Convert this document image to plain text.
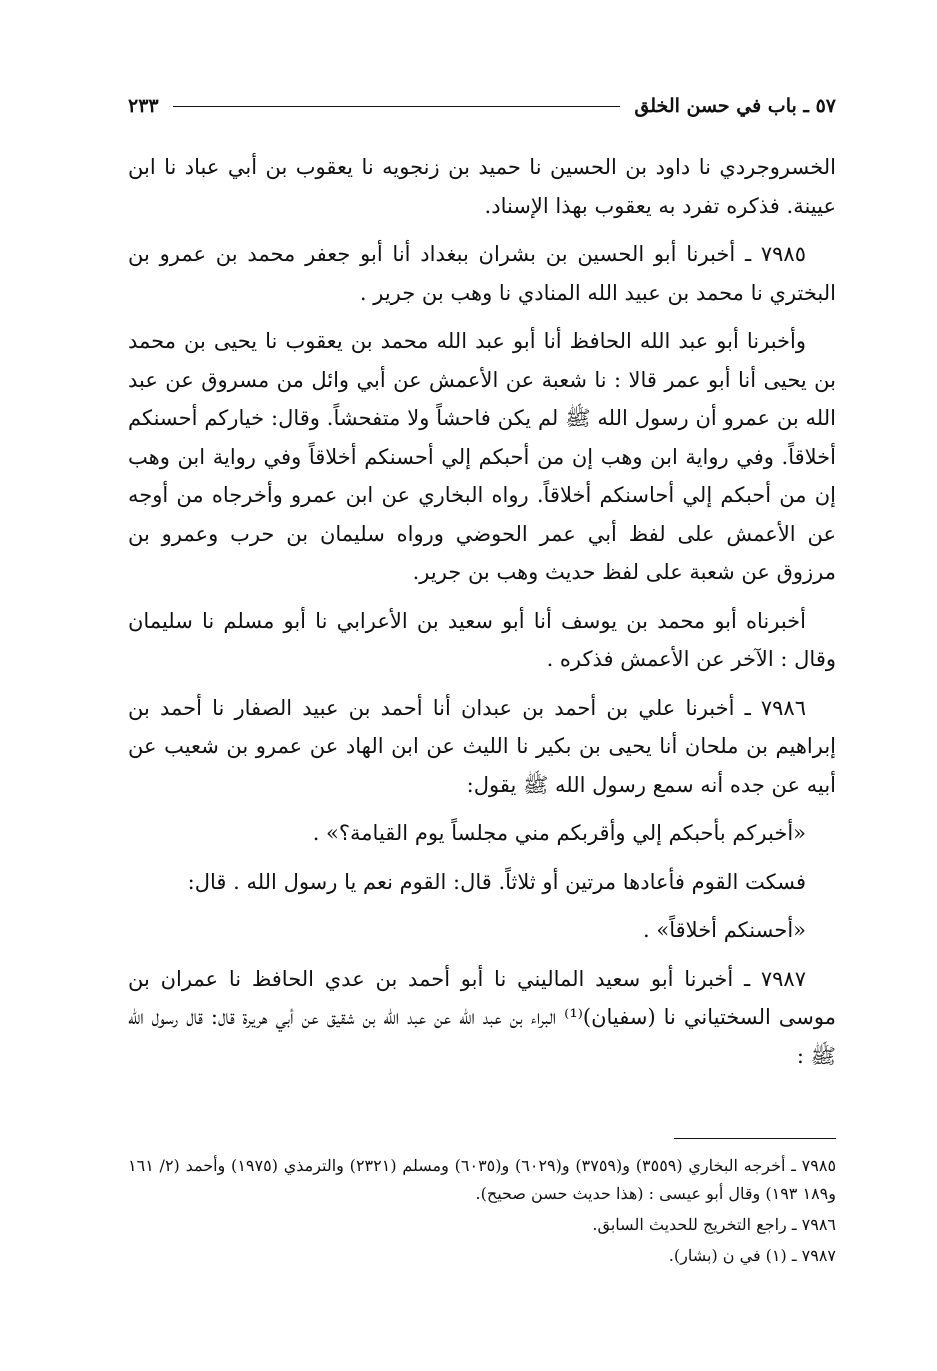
٥٧ ـ باب في حسن الخلق
٢٣٣

الخسروجردي نا داود بن الحسين نا حميد بن زنجويه نا يعقوب بن أبي عباد نا ابن عيينة. فذكره تفرد به يعقوب بهذا الإسناد.

٧٩٨٥ ـ أخبرنا أبو الحسين بن بشران ببغداد أنا أبو جعفر محمد بن عمرو بن البختري نا محمد بن عبيد الله المنادي نا وهب بن جرير .

وأخبرنا أبو عبد الله الحافظ أنا أبو عبد الله محمد بن يعقوب نا يحيى بن محمد بن يحيى أنا أبو عمر قالا : نا شعبة عن الأعمش عن أبي وائل من مسروق عن عبد الله بن عمرو أن رسول الله ﷺ لم يكن فاحشاً ولا متفحشاً. وقال: خياركم أحسنكم أخلاقاً. وفي رواية ابن وهب إن من أحبكم إلي أحسنكم أخلاقاً وفي رواية ابن وهب إن من أحبكم إلي أحاسنكم أخلاقاً. رواه البخاري عن ابن عمرو وأخرجاه من أوجه عن الأعمش على لفظ أبي عمر الحوضي ورواه سليمان بن حرب وعمرو بن مرزوق عن شعبة على لفظ حديث وهب بن جرير.

أخبرناه أبو محمد بن يوسف أنا أبو سعيد بن الأعرابي نا أبو مسلم نا سليمان وقال : الآخر عن الأعمش فذكره .

٧٩٨٦ ـ أخبرنا علي بن أحمد بن عبدان أنا أحمد بن عبيد الصفار نا أحمد بن إبراهيم بن ملحان أنا يحيى بن بكير نا الليث عن ابن الهاد عن عمرو بن شعيب عن أبيه عن جده أنه سمع رسول الله ﷺ يقول:

«أخبركم بأحبكم إلي وأقربكم مني مجلساً يوم القيامة؟» .

فسكت القوم فأعادها مرتين أو ثلاثاً. قال: القوم نعم يا رسول الله . قال:

«أحسنكم أخلاقاً» .

٧٩٨٧ ـ أخبرنا أبو سعيد الماليني نا أبو أحمد بن عدي الحافظ نا عمران بن موسى السختياني نا (سفيان)⁽¹⁾ البراء بن عبد الله عن عبد الله بن شقيق عن أبي هريرة قال: قال رسول الله ﷺ :

٧٩٨٥ ـ أخرجه البخاري (٣٥٥٩) و(٣٧٥٩) و(٦٠٢٩) و(٦٠٣٥) ومسلم (٢٣٢١) والترمذي (١٩٧٥) وأحمد (٢/ ١٦١ و١٨٩ ١٩٣) وقال أبو عيسى : (هذا حديث حسن صحيح).

٧٩٨٦ ـ راجع التخريج للحديث السابق.

٧٩٨٧ ـ (١) في ن (بشار).
